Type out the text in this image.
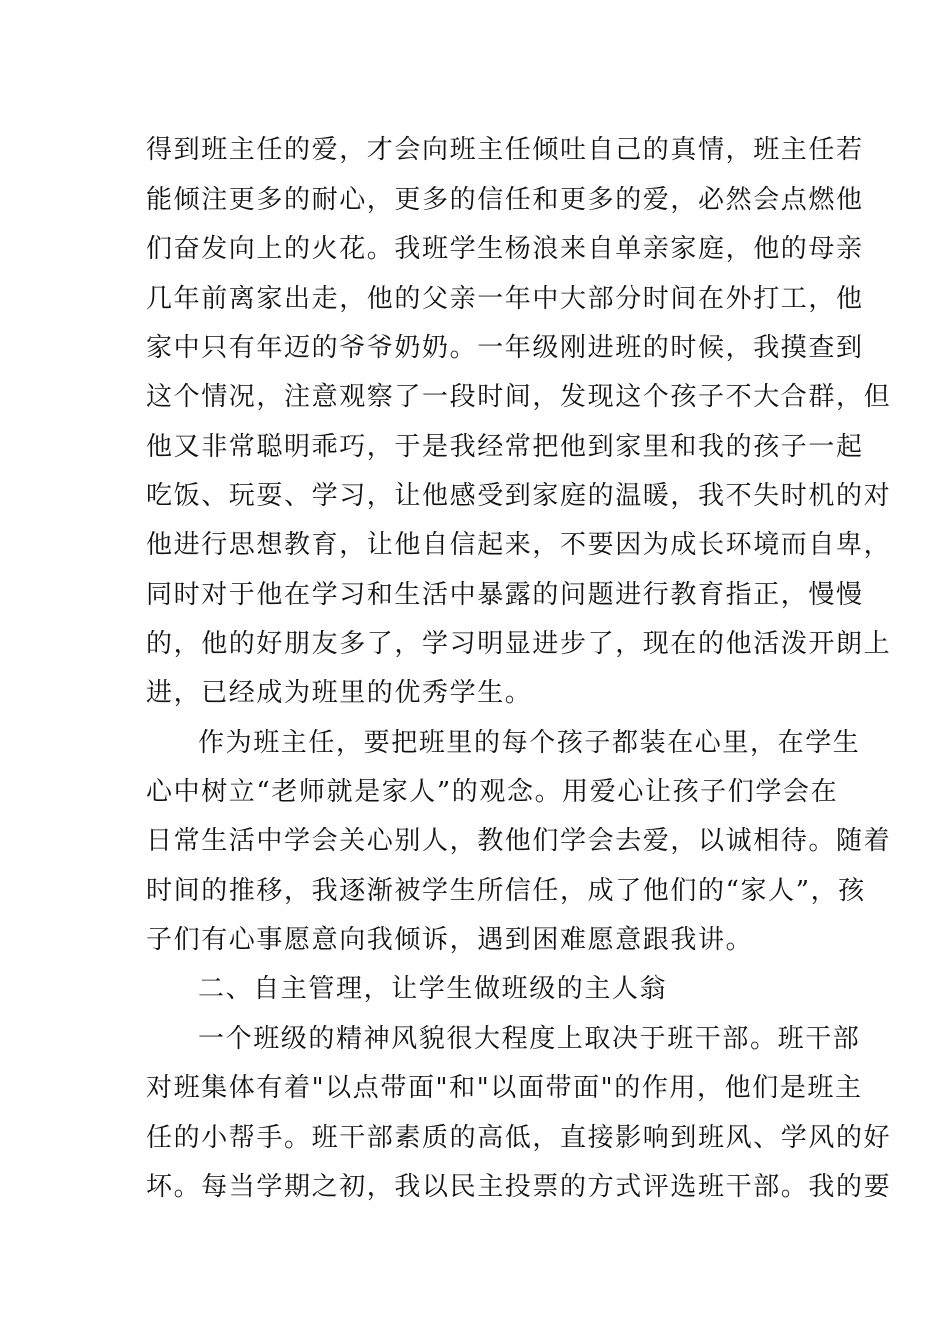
得到班主任的爱，才会向班主任倾吐自己的真情，班主任若
能倾注更多的耐心，更多的信任和更多的爱，必然会点燃他
们奋发向上的火花。我班学生杨浪来自单亲家庭，他的母亲
几年前离家出走，他的父亲一年中大部分时间在外打工，他
家中只有年迈的爷爷奶奶。一年级刚进班的时候，我摸查到
这个情况，注意观察了一段时间，发现这个孩子不大合群，但
他又非常聪明乖巧，于是我经常把他到家里和我的孩子一起
吃饭、玩耍、学习，让他感受到家庭的温暖，我不失时机的对
他进行思想教育，让他自信起来，不要因为成长环境而自卑，
同时对于他在学习和生活中暴露的问题进行教育指正，慢慢
的，他的好朋友多了，学习明显进步了，现在的他活泼开朗上
进，已经成为班里的优秀学生。
作为班主任，要把班里的每个孩子都装在心里，在学生
心中树立“老师就是家人”的观念。用爱心让孩子们学会在
日常生活中学会关心别人，教他们学会去爱，以诚相待。随着
时间的推移，我逐渐被学生所信任，成了他们的“家人”，孩
子们有心事愿意向我倾诉，遇到困难愿意跟我讲。
二、自主管理，让学生做班级的主人翁
一个班级的精神风貌很大程度上取决于班干部。班干部
对班集体有着"以点带面"和"以面带面"的作用，他们是班主
任的小帮手。班干部素质的高低，直接影响到班风、学风的好
坏。每当学期之初，我以民主投票的方式评选班干部。我的要
